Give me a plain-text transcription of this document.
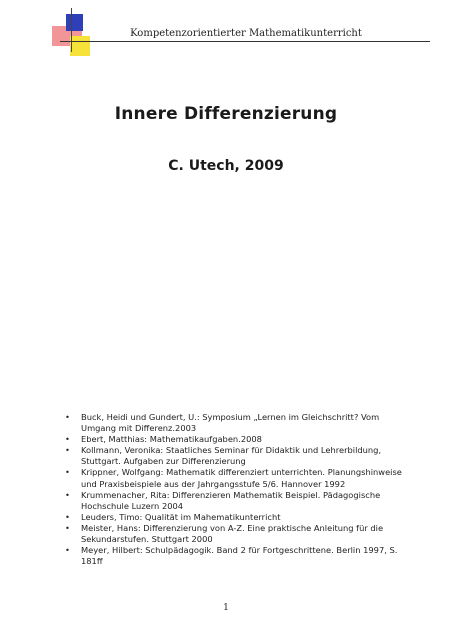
Kompetenzorientierter Mathematikunterricht
Innere Differenzierung
C. Utech, 2009
• Buck, Heidi und Gundert, U.: Symposium „Lernen im Gleichschritt? Vom Umgang mit Differenz.2003
• Ebert, Matthias: Mathematikaufgaben.2008
• Kollmann, Veronika: Staatliches Seminar für Didaktik und Lehrerbildung, Stuttgart. Aufgaben zur Differenzierung
• Krippner, Wolfgang: Mathematik differenziert unterrichten. Planungshinweise und Praxisbeispiele aus der Jahrgangsstufe 5/6. Hannover 1992
• Krummenacher, Rita: Differenzieren Mathematik Beispiel. Pädagogische Hochschule Luzern 2004
• Leuders, Timo: Qualität im Mahematikunterricht
• Meister, Hans: Differenzierung von A-Z. Eine praktische Anleitung für die Sekundarstufen. Stuttgart 2000
• Meyer, Hilbert: Schulpädagogik. Band 2 für Fortgeschrittene. Berlin 1997, S. 181ff
1
